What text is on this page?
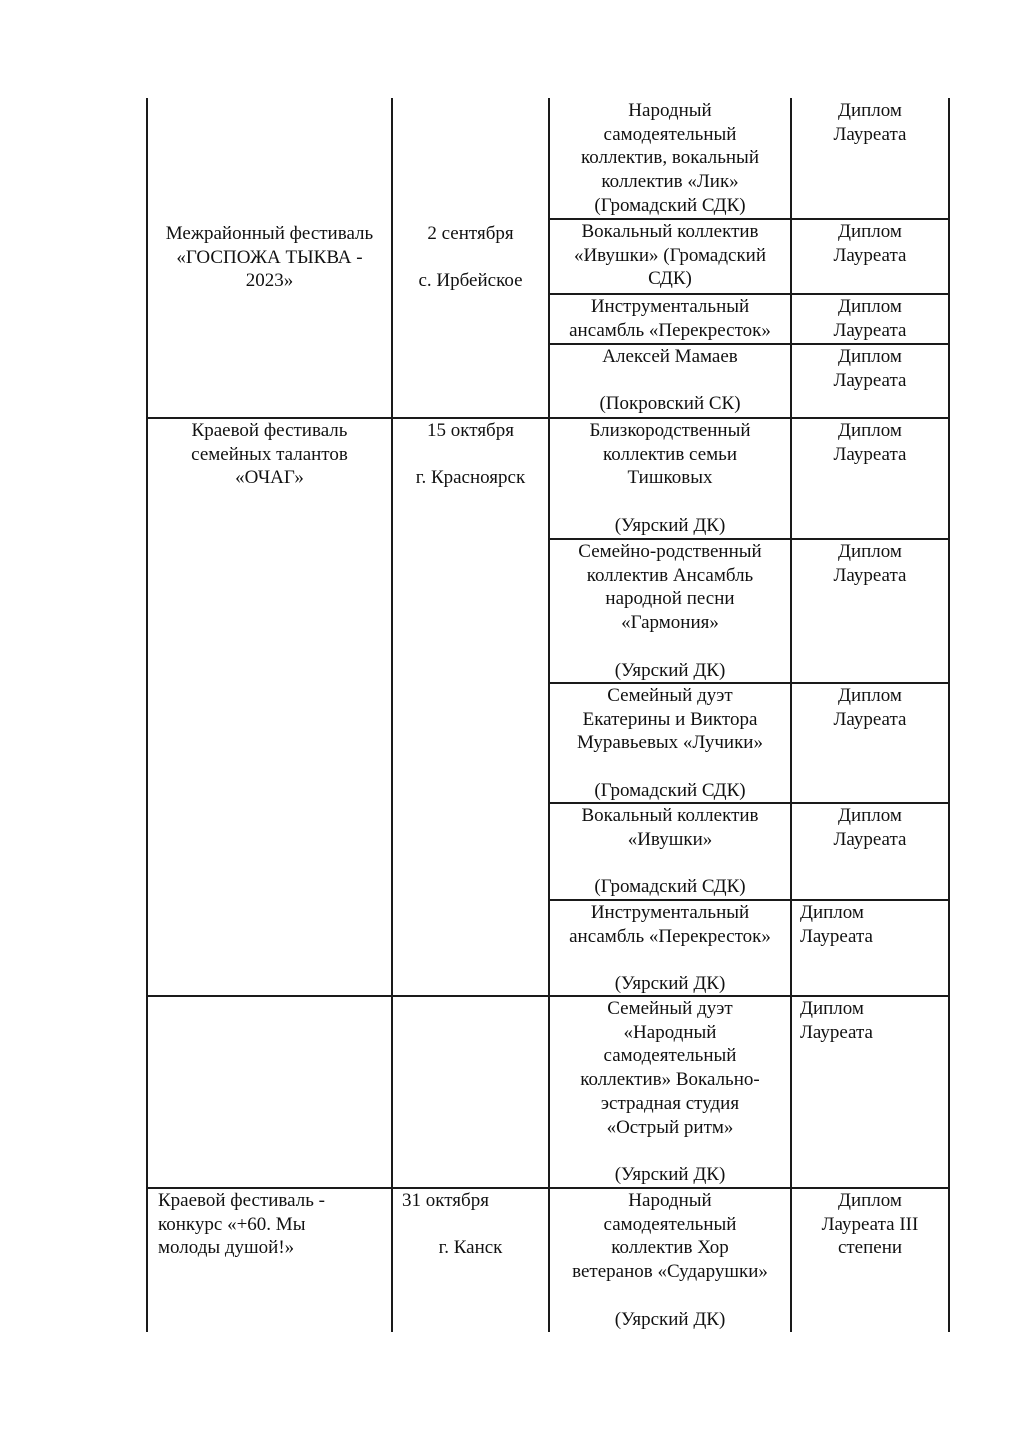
Межрайонный фестиваль
«ГОСПОЖА ТЫКВА -
2023»
2 сентября
с. Ирбейское
Народный
самодеятельный
коллектив, вокальный
коллектив «Лик»
(Громадский СДК)
Диплом
Лауреата
Вокальный коллектив
«Ивушки» (Громадский
СДК)
Диплом
Лауреата
Инструментальный
ансамбль «Перекресток»
Диплом
Лауреата
Алексей Мамаев
(Покровский СК)
Диплом
Лауреата
Краевой фестиваль
семейных талантов
«ОЧАГ»
15 октября
г. Красноярск
Близкородственный
коллектив семьи
Тишковых
(Уярский ДК)
Диплом
Лауреата
Семейно-родственный
коллектив Ансамбль
народной песни
«Гармония»
(Уярский ДК)
Диплом
Лауреата
Семейный дуэт
Екатерины и Виктора
Муравьевых «Лучики»
(Громадский СДК)
Диплом
Лауреата
Вокальный коллектив
«Ивушки»
(Громадский СДК)
Диплом
Лауреата
Инструментальный
ансамбль «Перекресток»
(Уярский ДК)
Диплом
Лауреата
Семейный дуэт
«Народный
самодеятельный
коллектив» Вокально-
эстрадная студия
«Острый ритм»
(Уярский ДК)
Диплом
Лауреата
Краевой фестиваль -
конкурс «+60. Мы
молоды душой!»
31 октября
г. Канск
Народный
самодеятельный
коллектив Хор
ветеранов «Сударушки»
(Уярский ДК)
Диплом
Лауреата III
степени
